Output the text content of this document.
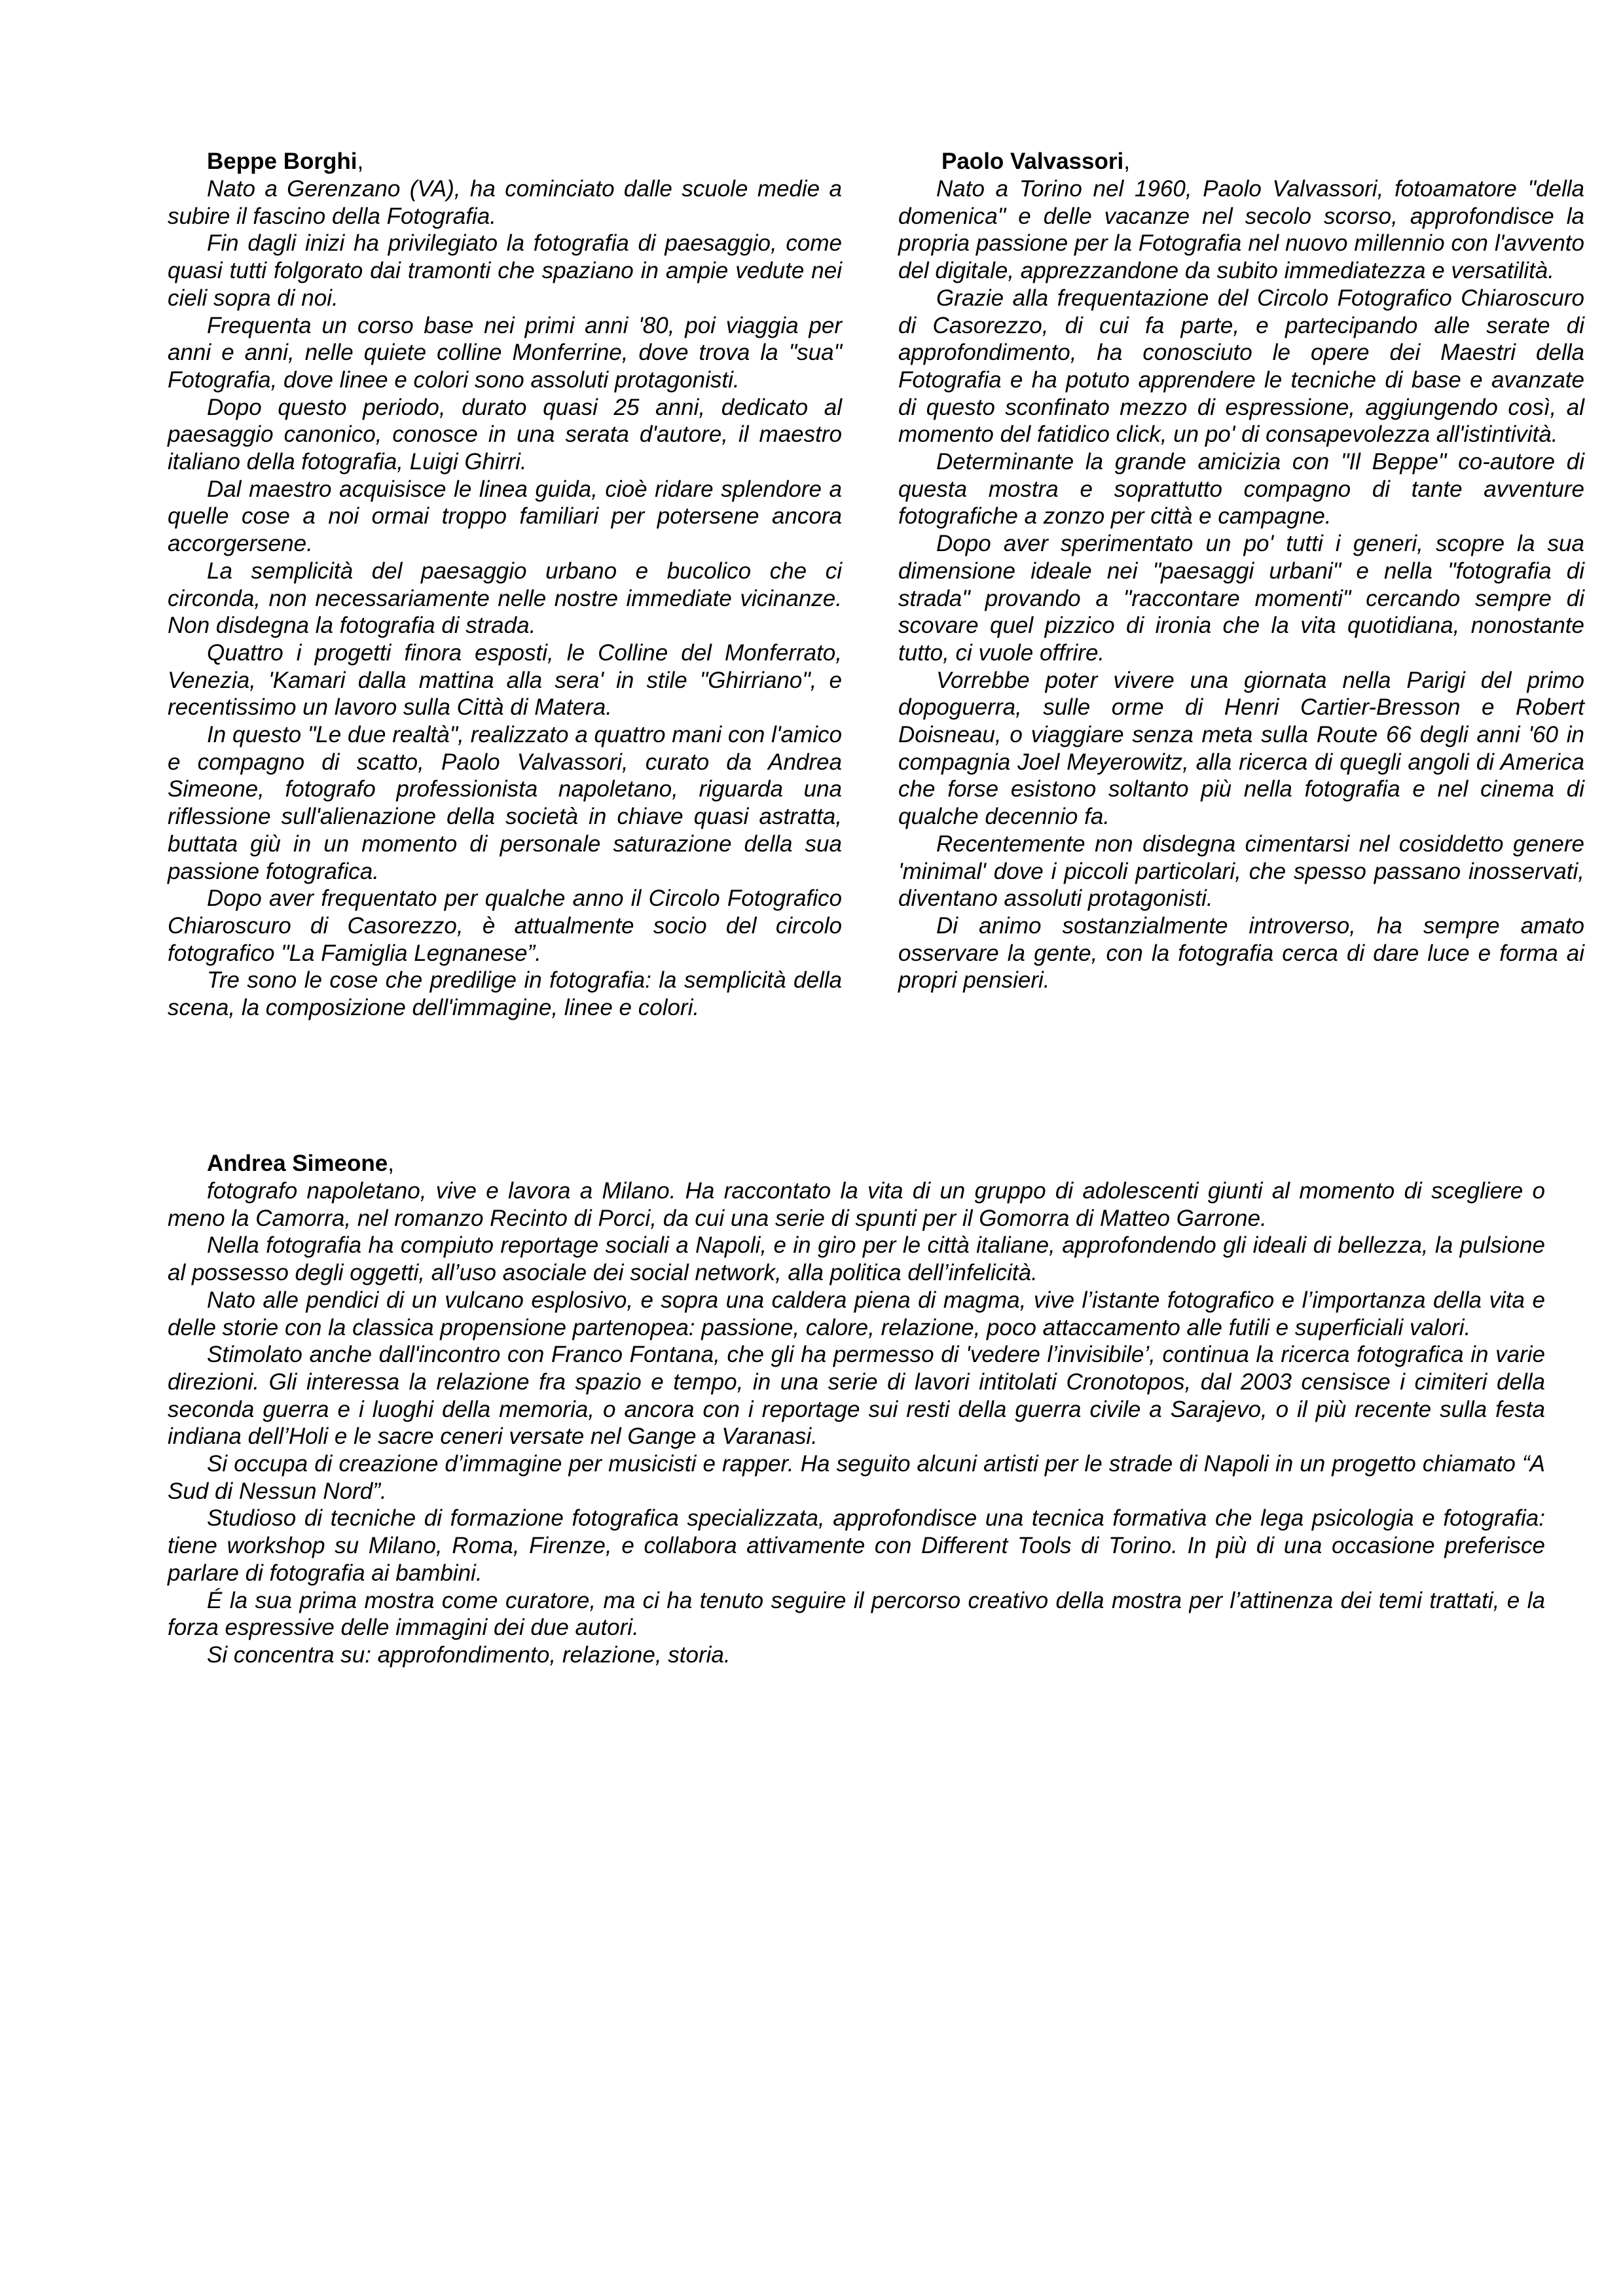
Beppe Borghi,

Nato a Gerenzano (VA), ha cominciato dalle scuole medie a subire il fascino della Fotografia.

Fin dagli inizi ha privilegiato la fotografia di paesaggio, come quasi tutti folgorato dai tramonti che spaziano in ampie vedute nei cieli sopra di noi.

Frequenta un corso base nei primi anni '80, poi viaggia per anni e anni, nelle quiete colline Monferrine, dove trova la "sua" Fotografia, dove linee e colori sono assoluti protagonisti.

Dopo questo periodo, durato quasi 25 anni, dedicato al paesaggio canonico, conosce in una serata d'autore, il maestro italiano della fotografia, Luigi Ghirri.

Dal maestro acquisisce le linea guida, cioè ridare splendore a quelle cose a noi ormai troppo familiari per potersene ancora accorgersene.

La semplicità del paesaggio urbano e bucolico che ci circonda, non necessariamente nelle nostre immediate vicinanze. Non disdegna la fotografia di strada.

Quattro i progetti finora esposti, le Colline del Monferrato, Venezia, 'Kamari dalla mattina alla sera' in stile "Ghirriano", e recentissimo un lavoro sulla Città di Matera.

In questo "Le due realtà", realizzato a quattro mani con l'amico e compagno di scatto, Paolo Valvassori, curato da Andrea Simeone, fotografo professionista napoletano, riguarda una riflessione sull'alienazione della società in chiave quasi astratta, buttata giù in un momento di personale saturazione della sua passione fotografica.

Dopo aver frequentato per qualche anno il Circolo Fotografico Chiaroscuro di Casorezzo, è attualmente socio del circolo fotografico "La Famiglia Legnanese”.

Tre sono le cose che predilige in fotografia: la semplicità della scena, la composizione dell'immagine, linee e colori.

Paolo Valvassori,

Nato a Torino nel 1960, Paolo Valvassori, fotoamatore "della domenica" e delle vacanze nel secolo scorso, approfondisce la propria passione per la Fotografia nel nuovo millennio con l'avvento del digitale, apprezzandone da subito immediatezza e versatilità.

Grazie alla frequentazione del Circolo Fotografico Chiaroscuro di Casorezzo, di cui fa parte, e partecipando alle serate di approfondimento, ha conosciuto le opere dei Maestri della Fotografia e ha potuto apprendere le tecniche di base e avanzate di questo sconfinato mezzo di espressione, aggiungendo così, al momento del fatidico click, un po' di consapevolezza all'istintività.

Determinante la grande amicizia con "Il Beppe" co-autore di questa mostra e soprattutto compagno di tante avventure fotografiche a zonzo per città e campagne.

Dopo aver sperimentato un po' tutti i generi, scopre la sua dimensione ideale nei "paesaggi urbani" e nella "fotografia di strada" provando a "raccontare momenti" cercando sempre di scovare quel pizzico di ironia che la vita quotidiana, nonostante tutto, ci vuole offrire.

Vorrebbe poter vivere una giornata nella Parigi del primo dopoguerra, sulle orme di Henri Cartier-Bresson e Robert Doisneau, o viaggiare senza meta sulla Route 66 degli anni '60 in compagnia Joel Meyerowitz, alla ricerca di quegli angoli di America che forse esistono soltanto più nella fotografia e nel cinema di qualche decennio fa.

Recentemente non disdegna cimentarsi nel cosiddetto genere 'minimal' dove i piccoli particolari, che spesso passano inosservati, diventano assoluti protagonisti.

Di animo sostanzialmente introverso, ha sempre amato osservare la gente, con la fotografia cerca di dare luce e forma ai propri pensieri.

Andrea Simeone,

fotografo napoletano, vive e lavora a Milano. Ha raccontato la vita di un gruppo di adolescenti giunti al momento di scegliere o meno la Camorra, nel romanzo Recinto di Porci, da cui una serie di spunti per il Gomorra di Matteo Garrone.

Nella fotografia ha compiuto reportage sociali a Napoli, e in giro per le città italiane, approfondendo gli ideali di bellezza, la pulsione al possesso degli oggetti, all’uso asociale dei social network, alla politica dell’infelicità.

Nato alle pendici di un vulcano esplosivo, e sopra una caldera piena di magma, vive l’istante fotografico e l’importanza della vita e delle storie con la classica propensione partenopea: passione, calore, relazione, poco attaccamento alle futili e superficiali valori.

Stimolato anche dall'incontro con Franco Fontana, che gli ha permesso di 'vedere l’invisibile’, continua la ricerca fotografica in varie direzioni. Gli interessa la relazione fra spazio e tempo, in una serie di lavori intitolati Cronotopos, dal 2003 censisce i cimiteri della seconda guerra e i luoghi della memoria, o ancora con i reportage sui resti della guerra civile a Sarajevo, o il più recente sulla festa indiana dell’Holi e le sacre ceneri versate nel Gange a Varanasi.

Si occupa di creazione d’immagine per musicisti e rapper. Ha seguito alcuni artisti per le strade di Napoli in un progetto chiamato “A Sud di Nessun Nord”.

Studioso di tecniche di formazione fotografica specializzata, approfondisce una tecnica formativa che lega psicologia e fotografia: tiene workshop su Milano, Roma, Firenze, e collabora attivamente con Different Tools di Torino. In più di una occasione preferisce parlare di fotografia ai bambini.

É la sua prima mostra come curatore, ma ci ha tenuto seguire il percorso creativo della mostra per l’attinenza dei temi trattati, e la forza espressive delle immagini dei due autori.

Si concentra su: approfondimento, relazione, storia.
